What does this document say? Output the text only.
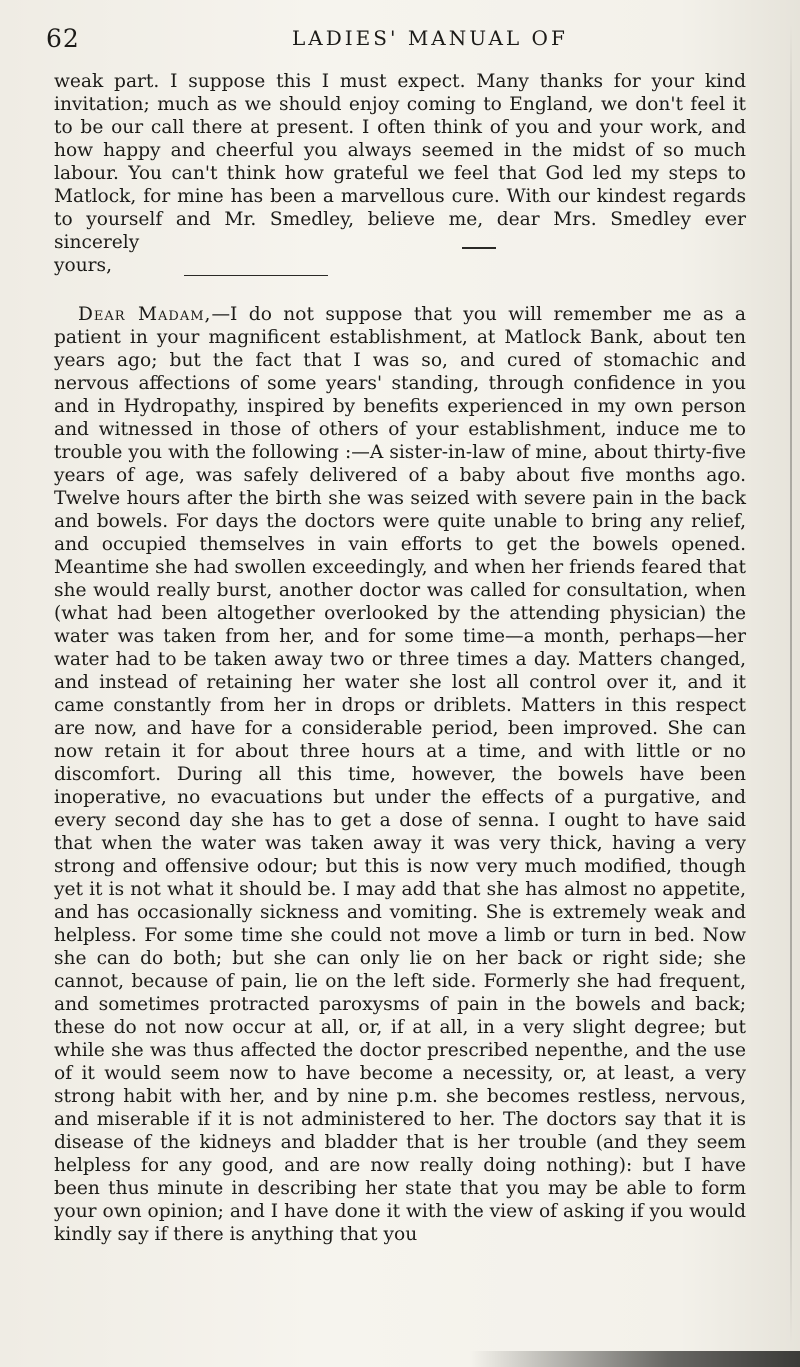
62	LADIES' MANUAL OF

weak part. I suppose this I must expect. Many thanks for your kind invitation; much as we should enjoy coming to England, we don't feel it to be our call there at present. I often think of you and your work, and how happy and cheerful you always seemed in the midst of so much labour. You can't think how grateful we feel that God led my steps to Matlock, for mine has been a marvellous cure. With our kindest regards to yourself and Mr. Smedley, believe me, dear Mrs. Smedley ever sincerely

yours,

Dear Madam,—I do not suppose that you will remember me as a patient in your magnificent establishment, at Matlock Bank, about ten years ago; but the fact that I was so, and cured of stomachic and nervous affections of some years' standing, through confidence in you and in Hydropathy, inspired by benefits experienced in my own person and witnessed in those of others of your establishment, induce me to trouble you with the following :—A sister-in-law of mine, about thirty-five years of age, was safely delivered of a baby about five months ago. Twelve hours after the birth she was seized with severe pain in the back and bowels. For days the doctors were quite unable to bring any relief, and occupied themselves in vain efforts to get the bowels opened. Meantime she had swollen exceedingly, and when her friends feared that she would really burst, another doctor was called for consultation, when (what had been altogether overlooked by the attending physician) the water was taken from her, and for some time—a month, perhaps—her water had to be taken away two or three times a day. Matters changed, and instead of retaining her water she lost all control over it, and it came constantly from her in drops or driblets. Matters in this respect are now, and have for a considerable period, been improved. She can now retain it for about three hours at a time, and with little or no discomfort. During all this time, however, the bowels have been inoperative, no evacuations but under the effects of a purgative, and every second day she has to get a dose of senna. I ought to have said that when the water was taken away it was very thick, having a very strong and offensive odour; but this is now very much modified, though yet it is not what it should be. I may add that she has almost no appetite, and has occasionally sickness and vomiting. She is extremely weak and helpless. For some time she could not move a limb or turn in bed. Now she can do both; but she can only lie on her back or right side; she cannot, because of pain, lie on the left side. Formerly she had frequent, and sometimes protracted paroxysms of pain in the bowels and back; these do not now occur at all, or, if at all, in a very slight degree; but while she was thus affected the doctor prescribed nepenthe, and the use of it would seem now to have become a necessity, or, at least, a very strong habit with her, and by nine p.m. she becomes restless, nervous, and miserable if it is not administered to her. The doctors say that it is disease of the kidneys and bladder that is her trouble (and they seem helpless for any good, and are now really doing nothing): but I have been thus minute in describing her state that you may be able to form your own opinion; and I have done it with the view of asking if you would kindly say if there is anything that you
